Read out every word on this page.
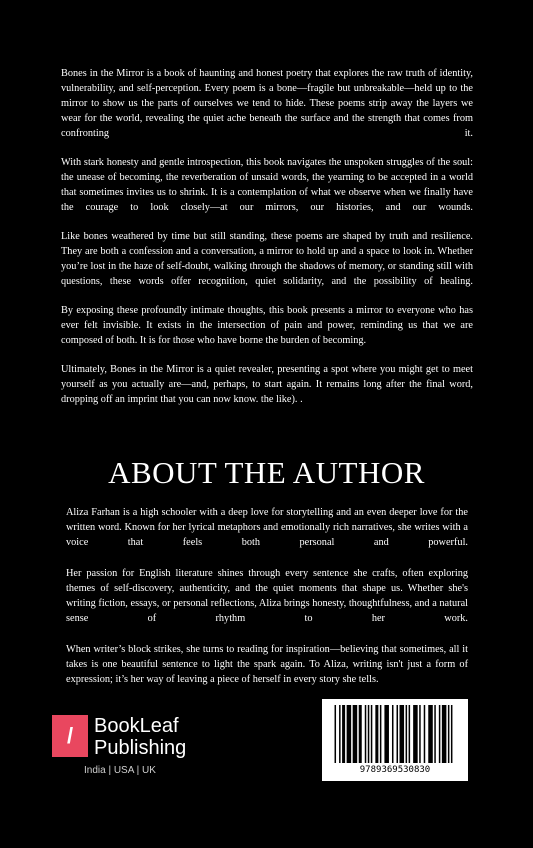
Bones in the Mirror is a book of haunting and honest poetry that explores the raw truth of identity, vulnerability, and self-perception. Every poem is a bone—fragile but unbreakable—held up to the mirror to show us the parts of ourselves we tend to hide. These poems strip away the layers we wear for the world, revealing the quiet ache beneath the surface and the strength that comes from confronting it.

With stark honesty and gentle introspection, this book navigates the unspoken struggles of the soul: the unease of becoming, the reverberation of unsaid words, the yearning to be accepted in a world that sometimes invites us to shrink. It is a contemplation of what we observe when we finally have the courage to look closely—at our mirrors, our histories, and our wounds.

Like bones weathered by time but still standing, these poems are shaped by truth and resilience. They are both a confession and a conversation, a mirror to hold up and a space to look in. Whether you’re lost in the haze of self-doubt, walking through the shadows of memory, or standing still with questions, these words offer recognition, quiet solidarity, and the possibility of healing.

By exposing these profoundly intimate thoughts, this book presents a mirror to everyone who has ever felt invisible. It exists in the intersection of pain and power, reminding us that we are composed of both. It is for those who have borne the burden of becoming.

Ultimately, Bones in the Mirror is a quiet revealer, presenting a spot where you might get to meet yourself as you actually are—and, perhaps, to start again. It remains long after the final word, dropping off an imprint that you can now know. the like). .

ABOUT THE AUTHOR

Aliza Farhan is a high schooler with a deep love for storytelling and an even deeper love for the written word. Known for her lyrical metaphors and emotionally rich narratives, she writes with a voice that feels both personal and powerful.

Her passion for English literature shines through every sentence she crafts, often exploring themes of self-discovery, authenticity, and the quiet moments that shape us. Whether she's writing fiction, essays, or personal reflections, Aliza brings honesty, thoughtfulness, and a natural sense of rhythm to her work.

When writer’s block strikes, she turns to reading for inspiration—believing that sometimes, all it takes is one beautiful sentence to light the spark again. To Aliza, writing isn't just a form of expression; it’s her way of leaving a piece of herself in every story she tells.

/	BookLeaf
Publishing
India | USA | UK	9789369530830
